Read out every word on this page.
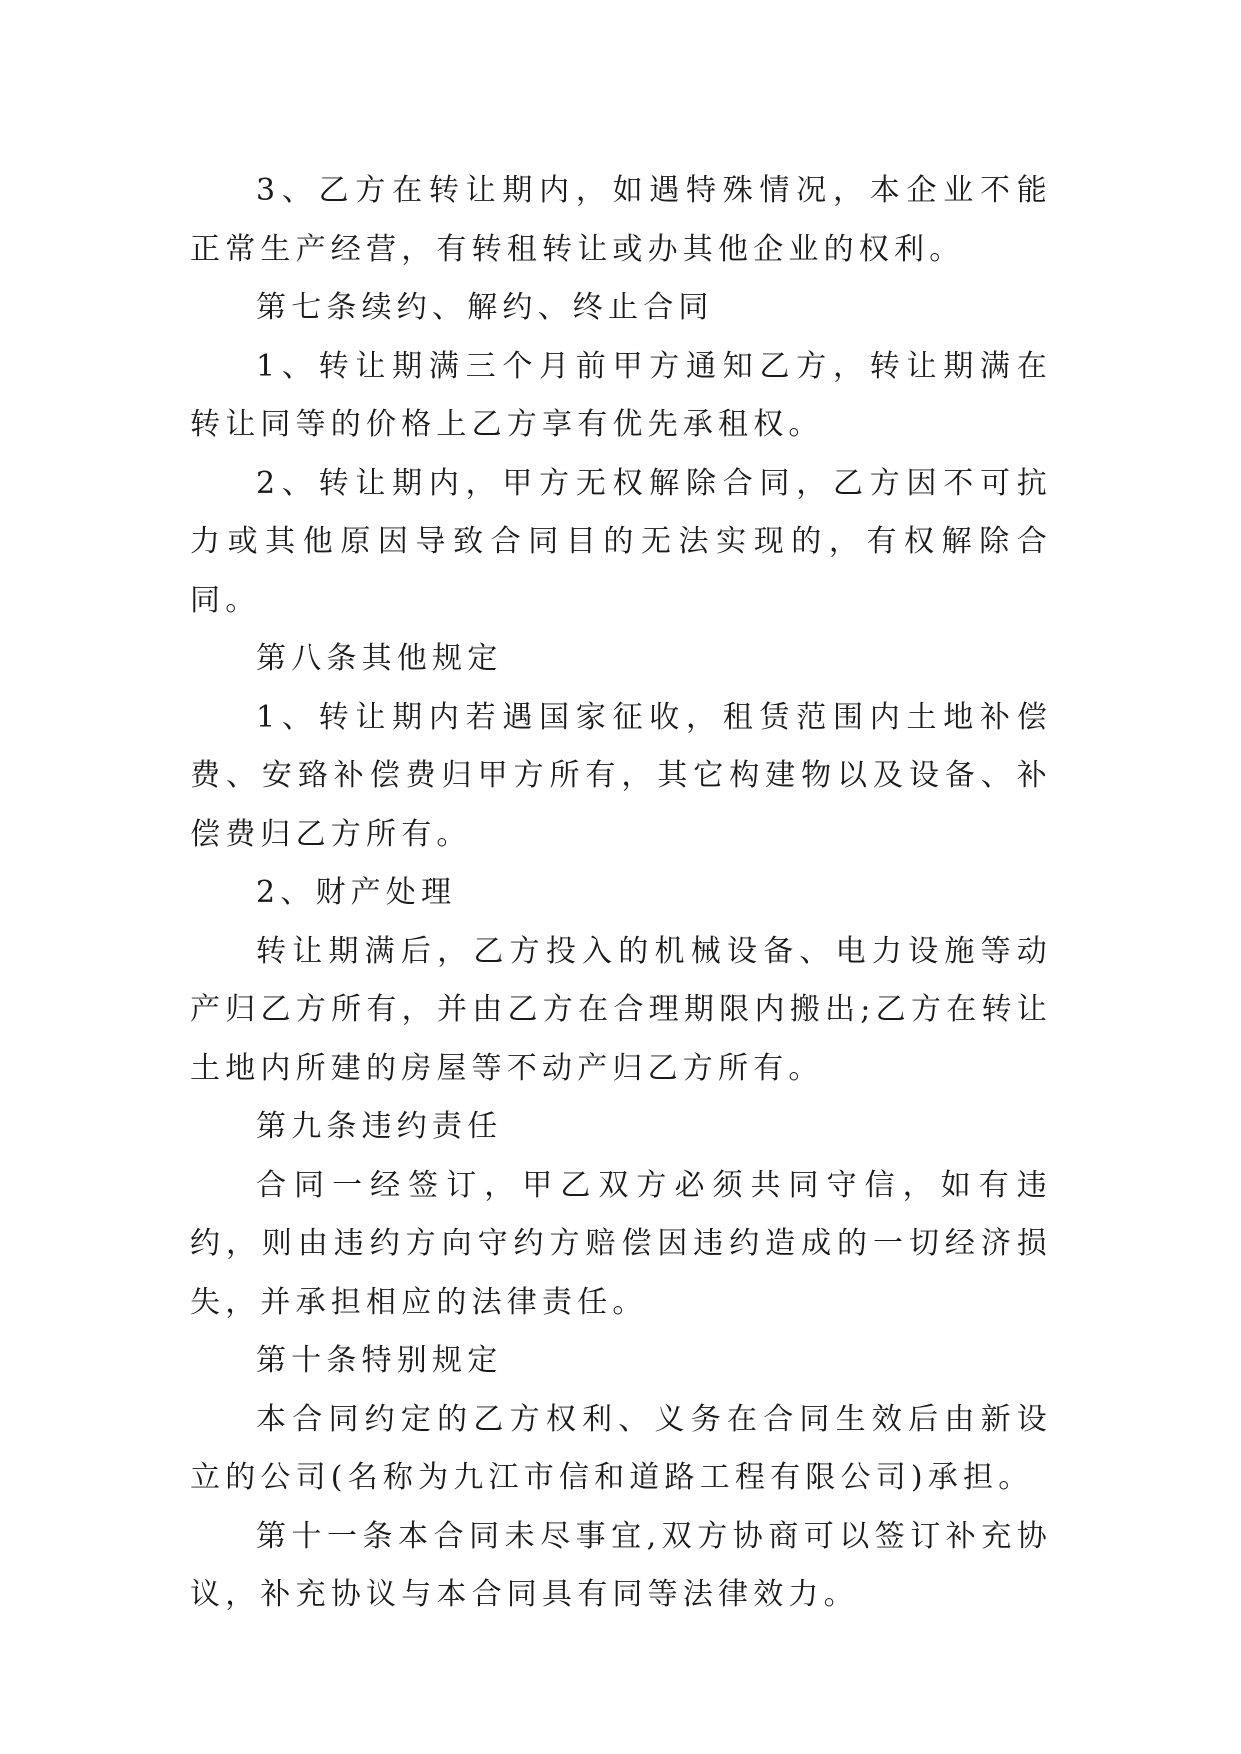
3、乙方在转让期内，如遇特殊情况，本企业不能正常生产经营，有转租转让或办其他企业的权利。

第七条续约、解约、终止合同

1、转让期满三个月前甲方通知乙方，转让期满在转让同等的价格上乙方享有优先承租权。

2、转让期内，甲方无权解除合同，乙方因不可抗力或其他原因导致合同目的无法实现的，有权解除合同。

第八条其他规定

1、转让期内若遇国家征收，租赁范围内土地补偿费、安臵补偿费归甲方所有，其它构建物以及设备、补偿费归乙方所有。

2、财产处理

转让期满后，乙方投入的机械设备、电力设施等动产归乙方所有，并由乙方在合理期限内搬出;乙方在转让土地内所建的房屋等不动产归乙方所有。

第九条违约责任

合同一经签订，甲乙双方必须共同守信，如有违约，则由违约方向守约方赔偿因违约造成的一切经济损失，并承担相应的法律责任。

第十条特别规定

本合同约定的乙方权利、义务在合同生效后由新设立的公司(名称为九江市信和道路工程有限公司)承担。

第十一条本合同未尽事宜,双方协商可以签订补充协议，补充协议与本合同具有同等法律效力。
